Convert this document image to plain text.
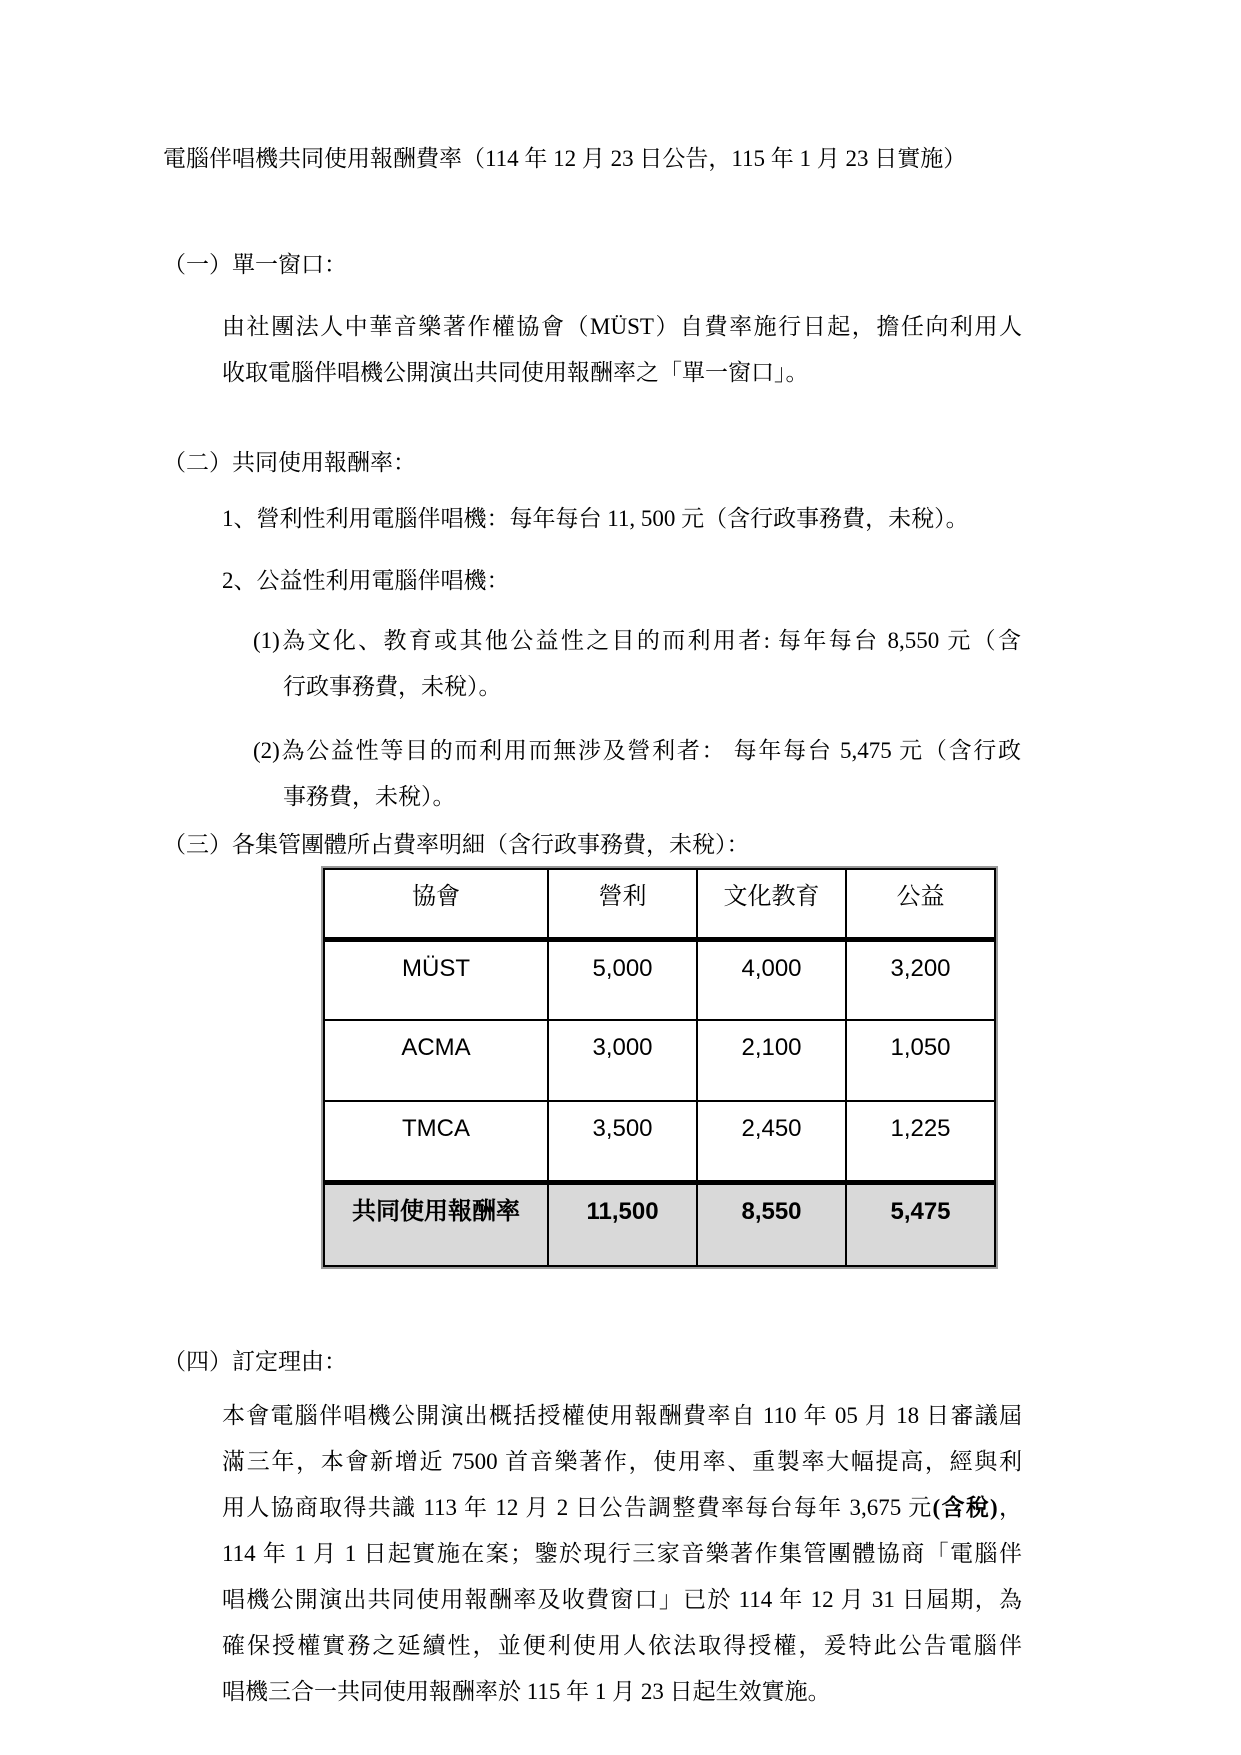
電腦伴唱機共同使用報酬費率（114 年 12 月 23 日公告，115 年 1 月 23 日實施）
（一）單一窗口：
由社團法人中華音樂著作權協會（MÜST）自費率施行日起，擔任向利用人
收取電腦伴唱機公開演出共同使用報酬率之「單一窗口」。
（二）共同使用報酬率：
1、營利性利用電腦伴唱機：每年每台 11, 500 元（含行政事務費，未稅）。
2、公益性利用電腦伴唱機：
(1)為文化、教育或其他公益性之目的而利用者: 每年每台 8,550 元（含
行政事務費，未稅）。
(2)為公益性等目的而利用而無涉及營利者： 每年每台 5,475 元（含行政
事務費，未稅）。
（三）各集管團體所占費率明細（含行政事務費，未稅）：
協會	營利	文化教育	公益
MÜST	5,000	4,000	3,200
ACMA	3,000	2,100	1,050
TMCA	3,500	2,450	1,225
共同使用報酬率	11,500	8,550	5,475
（四）訂定理由：
本會電腦伴唱機公開演出概括授權使用報酬費率自 110 年 05 月 18 日審議屆
滿三年，本會新增近 7500 首音樂著作，使用率、重製率大幅提高，經與利
用人協商取得共識 113 年 12 月 2 日公告調整費率每台每年 3,675 元(含稅)，
114 年 1 月 1 日起實施在案；鑒於現行三家音樂著作集管團體協商「電腦伴
唱機公開演出共同使用報酬率及收費窗口」已於 114 年 12 月 31 日屆期，為
確保授權實務之延續性，並便利使用人依法取得授權，爰特此公告電腦伴
唱機三合一共同使用報酬率於 115 年 1 月 23 日起生效實施。
